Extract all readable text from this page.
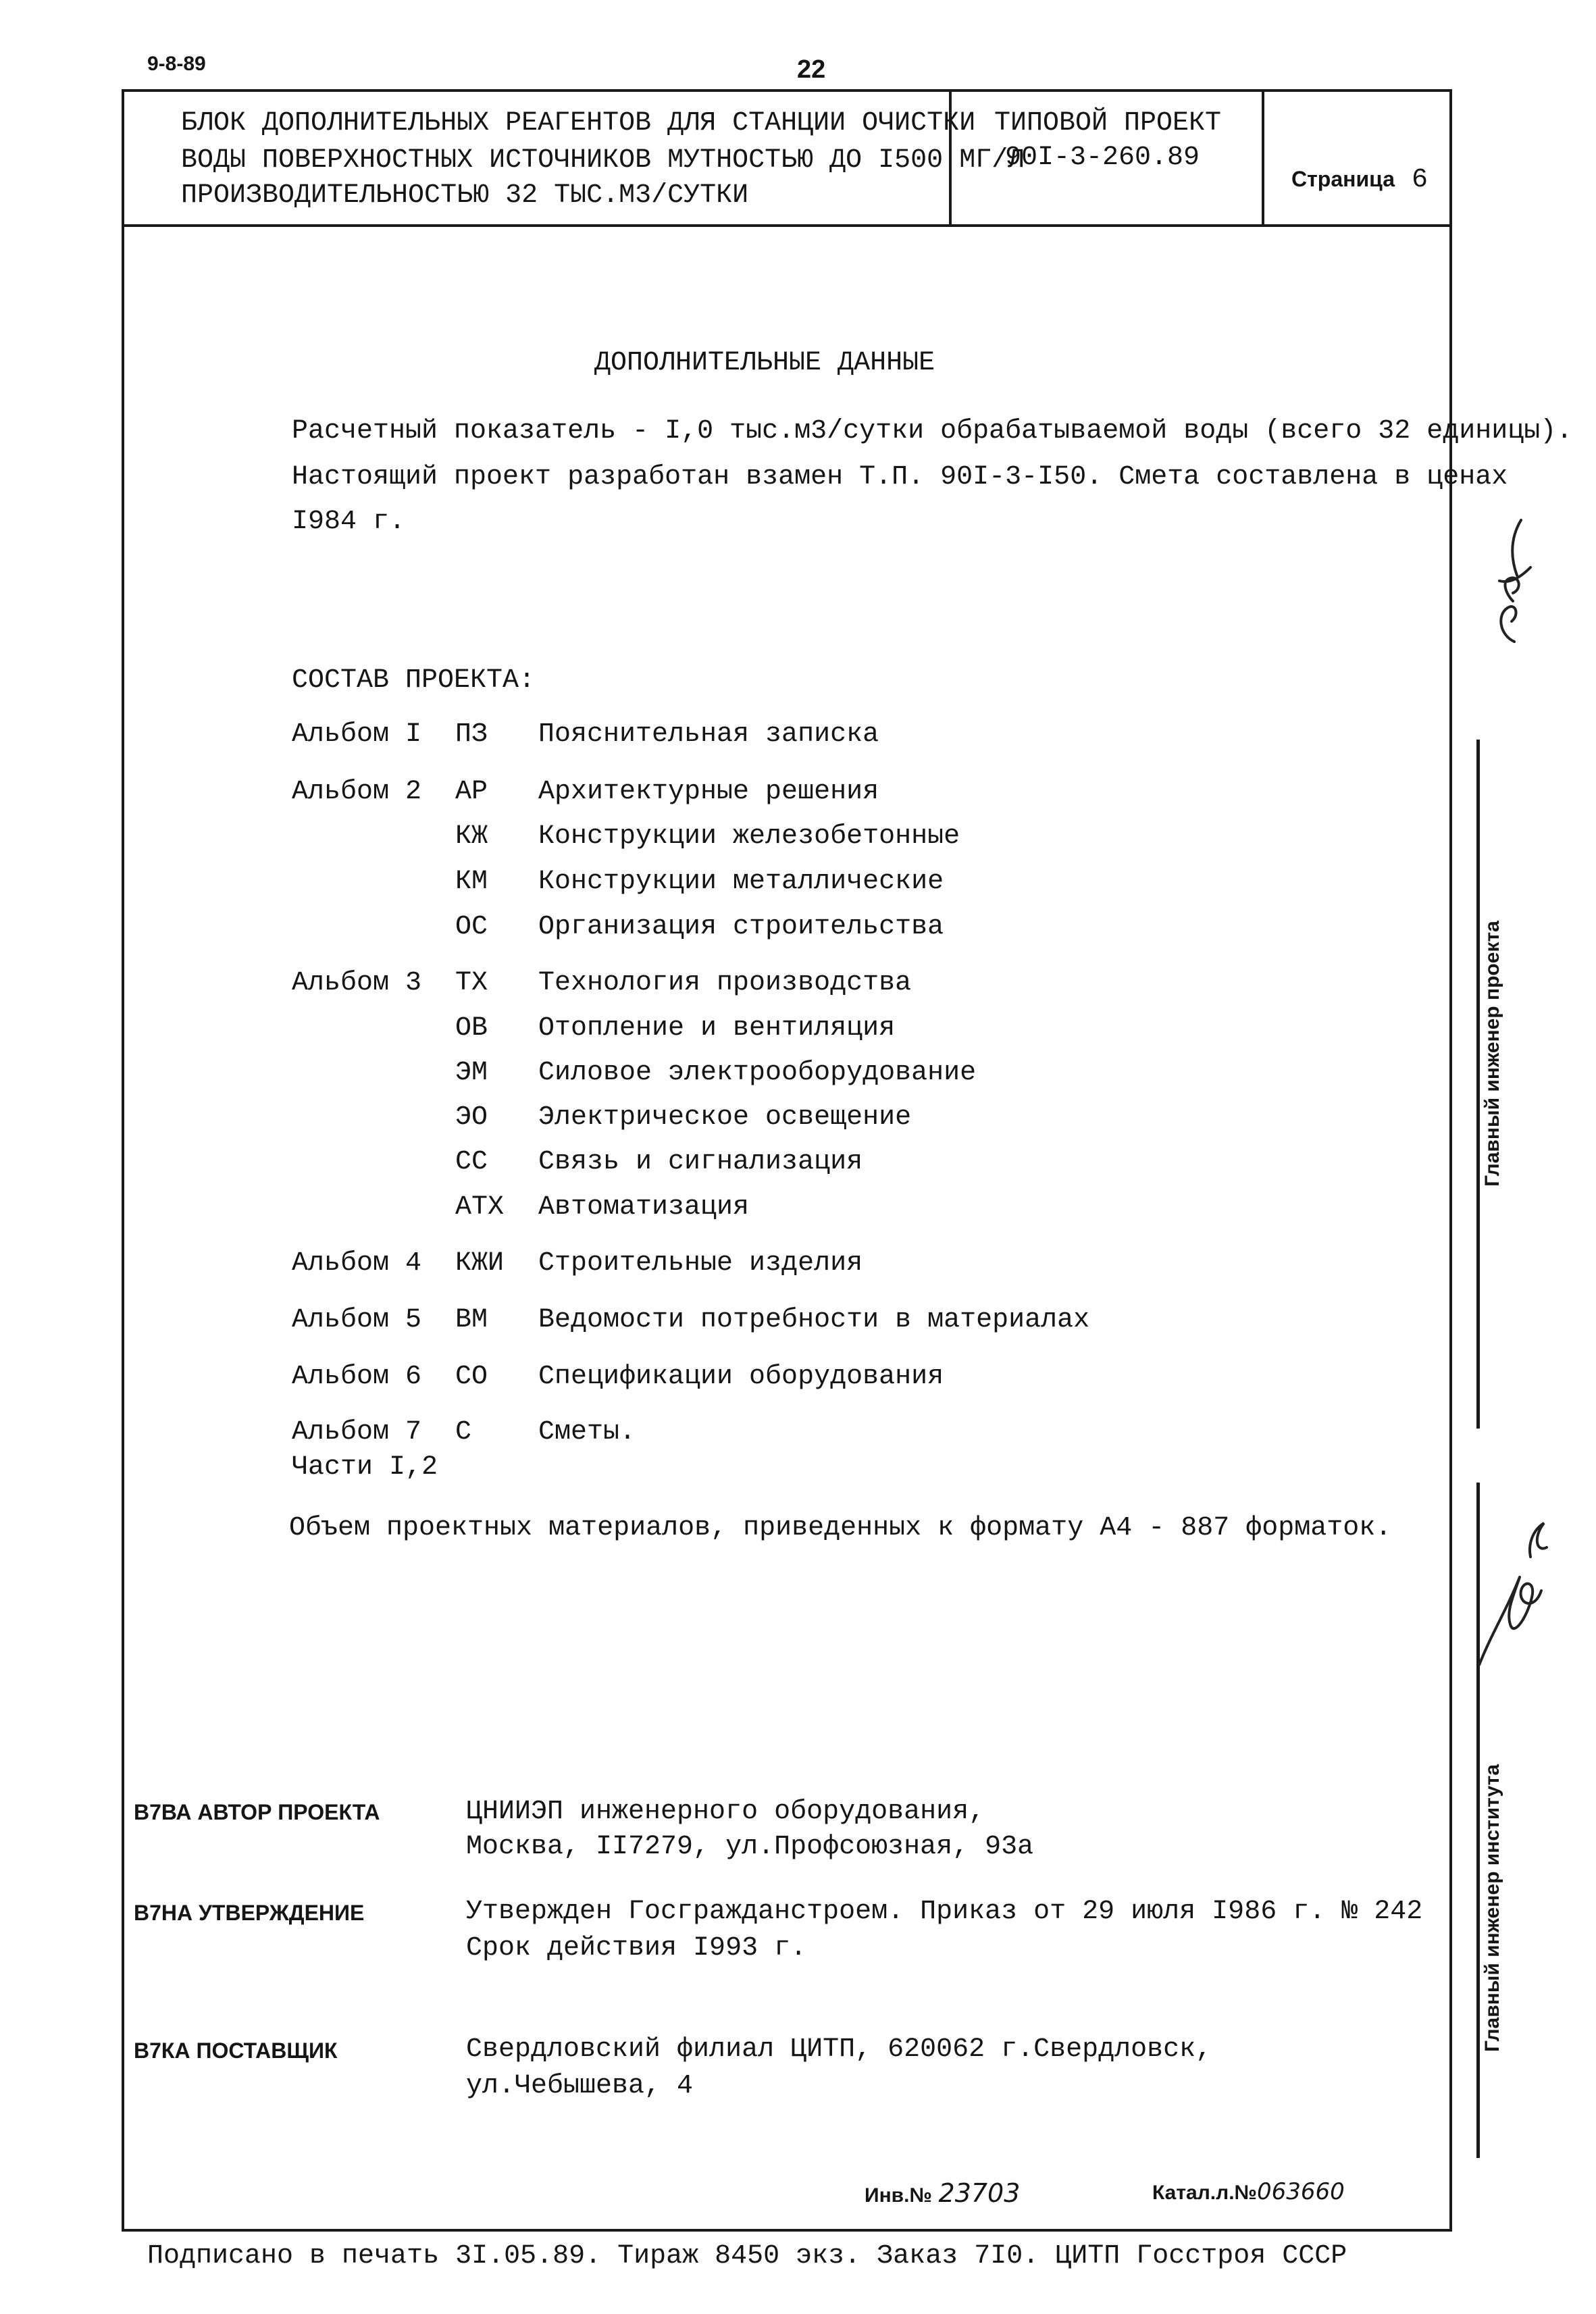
9-8-89	22
БЛОК ДОПОЛНИТЕЛЬНЫХ РЕАГЕНТОВ ДЛЯ СТАНЦИИ ОЧИСТКИ
ВОДЫ ПОВЕРХНОСТНЫХ ИСТОЧНИКОВ МУТНОСТЬЮ ДО I500 МГ/Л
ПРОИЗВОДИТЕЛЬНОСТЬЮ 32 ТЫС.М3/СУТКИ
ТИПОВОЙ ПРОЕКТ
90I-3-260.89
Страница 6
ДОПОЛНИТЕЛЬНЫЕ ДАННЫЕ
Расчетный показатель - I,0 тыс.м3/сутки обрабатываемой воды (всего 32 единицы).
Настоящий проект разработан взамен Т.П. 90I-3-I50. Смета составлена в ценах
I984 г.
СОСТАВ ПРОЕКТА:
Альбом I ПЗ Пояснительная записка
Альбом 2 АР Архитектурные решения
КЖ Конструкции железобетонные
КМ Конструкции металлические
ОС Организация строительства
Альбом 3 ТХ Технология производства
ОВ Отопление и вентиляция
ЭМ Силовое электрооборудование
ЭО Электрическое освещение
СС Связь и сигнализация
АТХ Автоматизация
Альбом 4 КЖИ Строительные изделия
Альбом 5 ВМ Ведомости потребности в материалах
Альбом 6 СО Спецификации оборудования
Альбом 7 С Сметы.
Части I,2
Объем проектных материалов, приведенных к формату А4 - 887 форматок.
В7ВА АВТОР ПРОЕКТА	ЦНИИЭП инженерного оборудования,
Москва, II7279, ул.Профсоюзная, 93а
В7НА УТВЕРЖДЕНИЕ	Утвержден Госгражданстроем. Приказ от 29 июля I986 г. № 242
Срок действия I993 г.
В7КА ПОСТАВЩИК	Свердловский филиал ЦИТП, 620062 г.Свердловск,
ул.Чебышева, 4
Инв.№ 23703	Катал.л.№063660
Подписано в печать 3I.05.89. Тираж 8450 экз. Заказ 7I0. ЦИТП Госстроя СССР
Главный инженер проекта
Главный инженер института
